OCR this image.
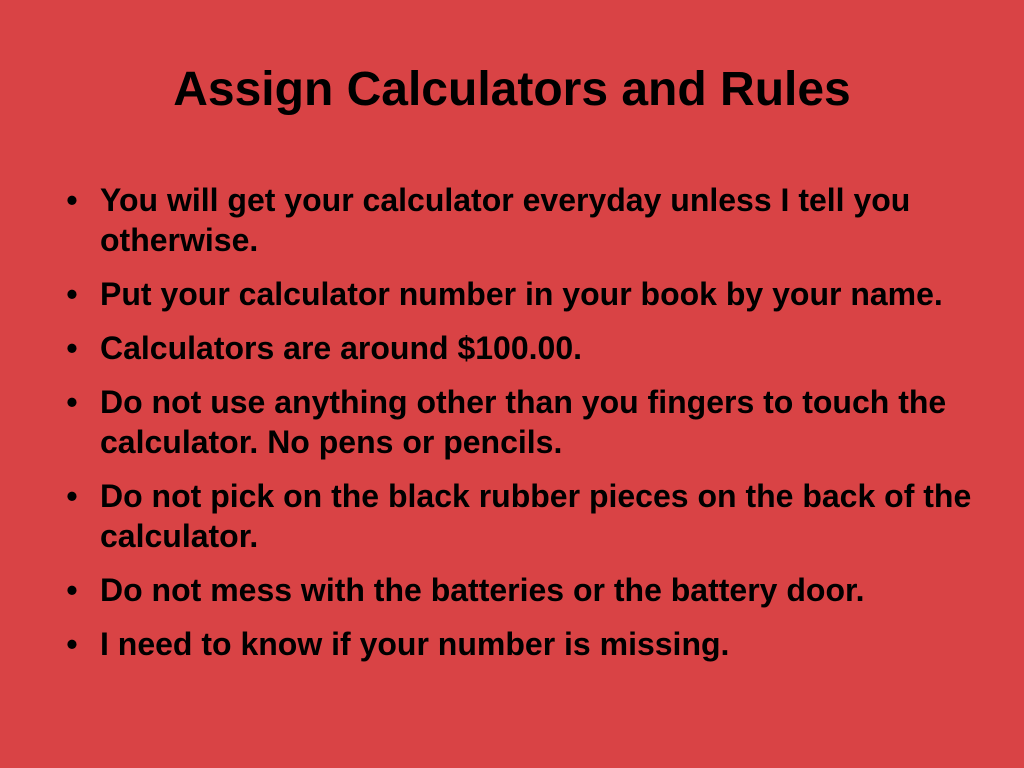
Assign Calculators and Rules
• You will get your calculator everyday unless I tell you otherwise.
• Put your calculator number in your book by your name.
• Calculators are around $100.00.
• Do not use anything other than you fingers to touch the calculator. No pens or pencils.
• Do not pick on the black rubber pieces on the back of the calculator.
• Do not mess with the batteries or the battery door.
• I need to know if your number is missing.
